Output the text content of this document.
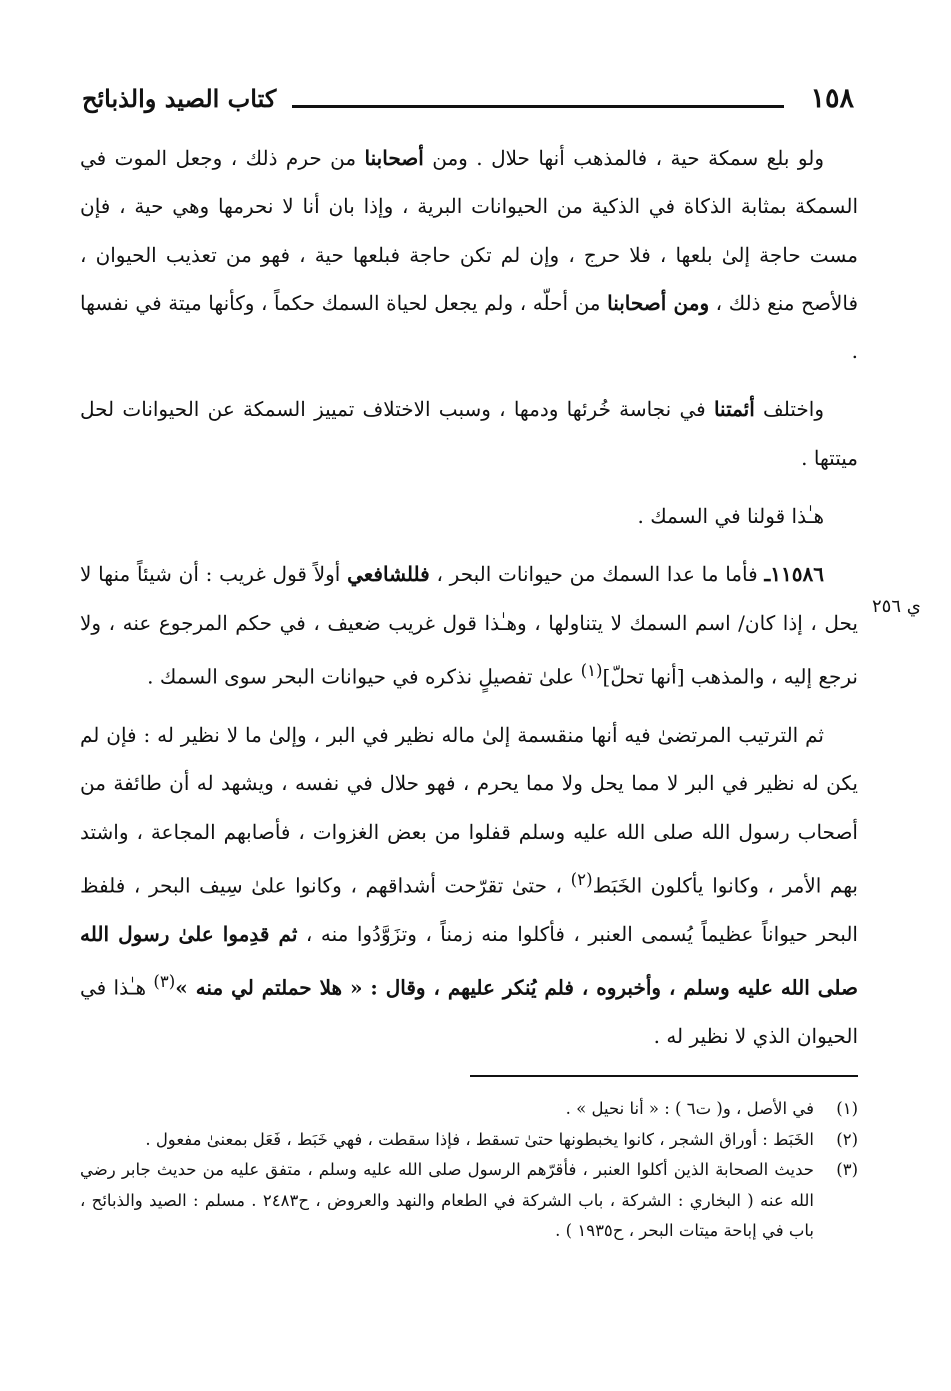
١٥٨
كتاب الصيد والذبائح
ي ٢٥٦

ولو بلع سمكة حية ، فالمذهب أنها حلال . ومن أصحابنا من حرم ذلك ، وجعل الموت في السمكة بمثابة الذكاة في الذكية من الحيوانات البرية ، وإذا بان أنا لا نحرمها وهي حية ، فإن مست حاجة إلىٰ بلعها ، فلا حرج ، وإن لم تكن حاجة فبلعها حية ، فهو من تعذيب الحيوان ، فالأصح منع ذلك ، ومن أصحابنا من أحلّه ، ولم يجعل لحياة السمك حكماً ، وكأنها ميتة في نفسها .

واختلف أئمتنا في نجاسة خُرئها ودمها ، وسبب الاختلاف تمييز السمكة عن الحيوانات لحل ميتتها .

هـٰذا قولنا في السمك .

١١٥٨٦ـ فأما ما عدا السمك من حيوانات البحر ، فللشافعي أولاً قول غريب : أن شيئاً منها لا يحل ، إذا كان/ اسم السمك لا يتناولها ، وهـٰذا قول غريب ضعيف ، في حكم المرجوع عنه ، ولا نرجع إليه ، والمذهب [أنها تحلّ]$^{(١)}$ علىٰ تفصيلٍ نذكره في حيوانات البحر سوى السمك .

ثم الترتيب المرتضىٰ فيه أنها منقسمة إلىٰ ماله نظير في البر ، وإلىٰ ما لا نظير له : فإن لم يكن له نظير في البر لا مما يحل ولا مما يحرم ، فهو حلال في نفسه ، ويشهد له أن طائفة من أصحاب رسول الله صلى الله عليه وسلم قفلوا من بعض الغزوات ، فأصابهم المجاعة ، واشتد بهم الأمر ، وكانوا يأكلون الخَبَط$^{(٢)}$ ، حتىٰ تقرّحت أشداقهم ، وكانوا علىٰ سِيف البحر ، فلفظ البحر حيواناً عظيماً يُسمى العنبر ، فأكلوا منه زمناً ، وتزَوَّدُوا منه ، ثم قدِموا علىٰ رسول الله صلى الله عليه وسلم ، وأخبروه ، فلم يُنكر عليهم ، وقال : « هلا حملتم لي منه »$^{(٣)}$ هـٰذا في الحيوان الذي لا نظير له .

(١)
في الأصل ، و( ت٦ ) : « أنا نحيل » .
(٢)
الخَبَط : أوراق الشجر ، كانوا يخبطونها حتىٰ تسقط ، فإذا سقطت ، فهي خَبَط ، فَعَل بمعنىٰ مفعول .
(٣)
حديث الصحابة الذين أكلوا العنبر ، فأقرّهم الرسول صلى الله عليه وسلم ، متفق عليه من حديث جابر رضي الله عنه ( البخاري : الشركة ، باب الشركة في الطعام والنهد والعروض ، ح٢٤٨٣ . مسلم : الصيد والذبائح ، باب في إباحة ميتات البحر ، ح١٩٣٥ ) .
